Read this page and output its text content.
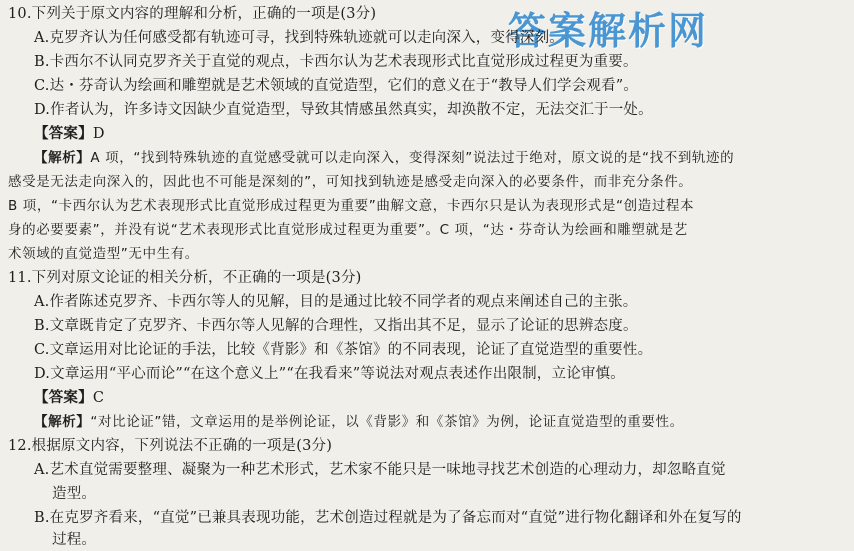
10.下列关于原文内容的理解和分析，正确的一项是(3分)	答案解析网
A.克罗齐认为任何感受都有轨迹可寻，找到特殊轨迹就可以走向深入，变得深刻。
B.卡西尔不认同克罗齐关于直觉的观点，卡西尔认为艺术表现形式比直觉形成过程更为重要。
C.达・芬奇认为绘画和雕塑就是艺术领域的直觉造型，它们的意义在于“教导人们学会观看”。
D.作者认为，许多诗文因缺少直觉造型，导致其情感虽然真实，却涣散不定，无法交汇于一处。
【答案】D
【解析】A 项，“找到特殊轨迹的直觉感受就可以走向深入，变得深刻”说法过于绝对，原文说的是“找不到轨迹的
感受是无法走向深入的，因此也不可能是深刻的”，可知找到轨迹是感受走向深入的必要条件，而非充分条件。
B 项，“卡西尔认为艺术表现形式比直觉形成过程更为重要”曲解文意，卡西尔只是认为表现形式是“创造过程本
身的必要要素”，并没有说“艺术表现形式比直觉形成过程更为重要”。C 项，“达・芬奇认为绘画和雕塑就是艺
术领域的直觉造型”无中生有。
11.下列对原文论证的相关分析，不正确的一项是(3分)
A.作者陈述克罗齐、卡西尔等人的见解，目的是通过比较不同学者的观点来阐述自己的主张。
B.文章既肯定了克罗齐、卡西尔等人见解的合理性，又指出其不足，显示了论证的思辨态度。
C.文章运用对比论证的手法，比较《背影》和《茶馆》的不同表现，论证了直觉造型的重要性。
D.文章运用“平心而论”“在这个意义上”“在我看来”等说法对观点表述作出限制，立论审慎。
【答案】C
【解析】“对比论证”错，文章运用的是举例论证，以《背影》和《茶馆》为例，论证直觉造型的重要性。
12.根据原文内容，下列说法不正确的一项是(3分)
A.艺术直觉需要整理、凝聚为一种艺术形式，艺术家不能只是一味地寻找艺术创造的心理动力，却忽略直觉
造型。
B.在克罗齐看来，“直觉”已兼具表现功能，艺术创造过程就是为了备忘而对“直觉”进行物化翻译和外在复写的
过程。
